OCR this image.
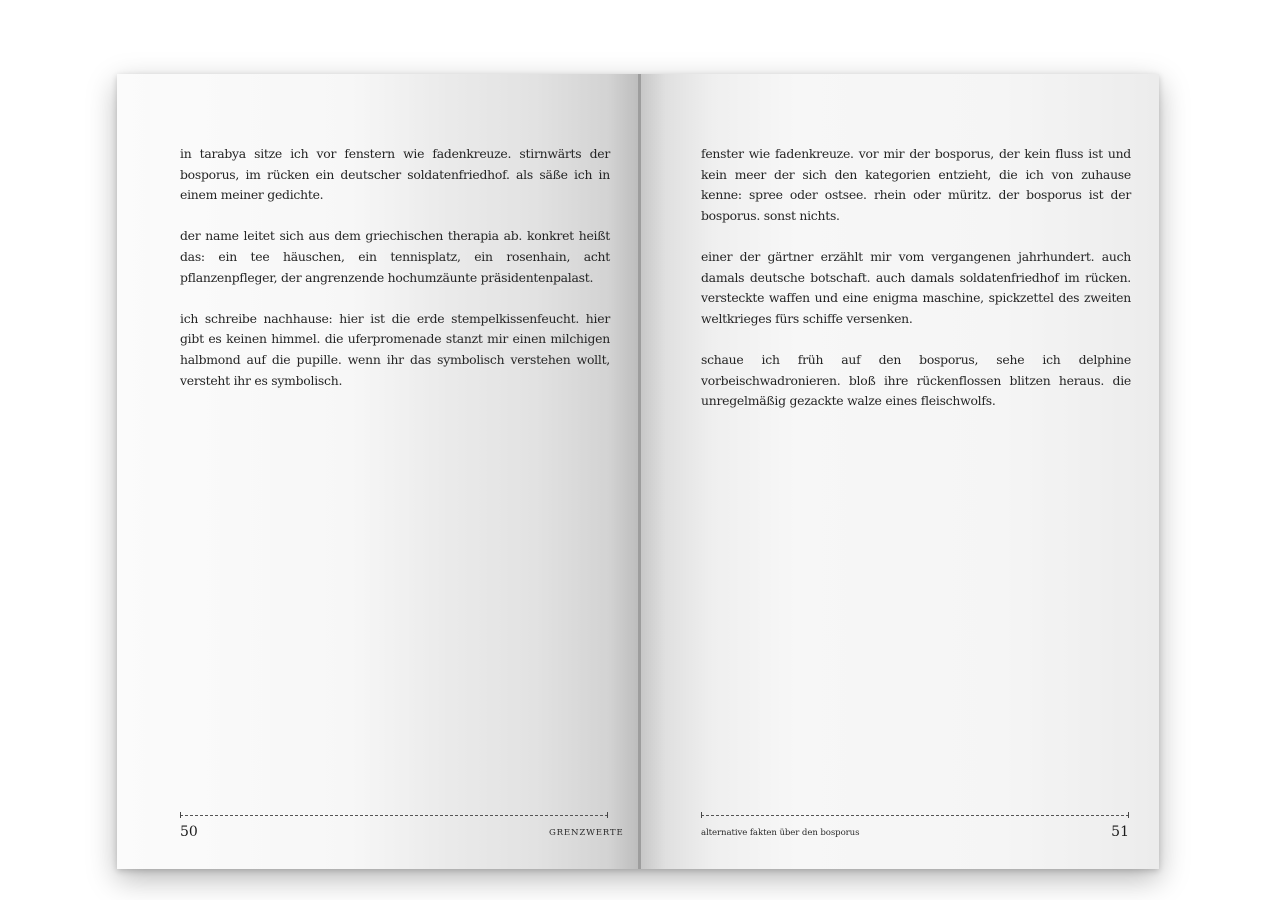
in tarabya sitze ich vor fenstern wie fadenkreuze. stirnwärts der bosporus, im rücken ein deutscher soldatenfriedhof. als säße ich in einem meiner gedichte.

der name leitet sich aus dem griechischen therapia ab. konkret heißt das: ein tee häuschen, ein tennisplatz, ein rosenhain, acht pflanzenpfleger, der angrenzende hochumzäunte präsidentenpalast.

ich schreibe nachhause: hier ist die erde stempelkissenfeucht. hier gibt es keinen himmel. die uferpromenade stanzt mir einen milchigen halbmond auf die pupille. wenn ihr das symbolisch verstehen wollt, versteht ihr es symbolisch.

50	GRENZWERTE

fenster wie fadenkreuze. vor mir der bosporus, der kein fluss ist und kein meer der sich den kategorien entzieht, die ich von zuhause kenne: spree oder ostsee. rhein oder müritz. der bosporus ist der bosporus. sonst nichts.

einer der gärtner erzählt mir vom vergangenen jahrhundert. auch damals deutsche botschaft. auch damals soldatenfriedhof im rücken. versteckte waffen und eine enigma maschine, spickzettel des zweiten weltkrieges fürs schiffe versenken.

schaue ich früh auf den bosporus, sehe ich delphine vorbeischwadronieren. bloß ihre rückenflossen blitzen heraus. die unregelmäßig gezackte walze eines fleischwolfs.

alternative fakten über den bosporus	51
